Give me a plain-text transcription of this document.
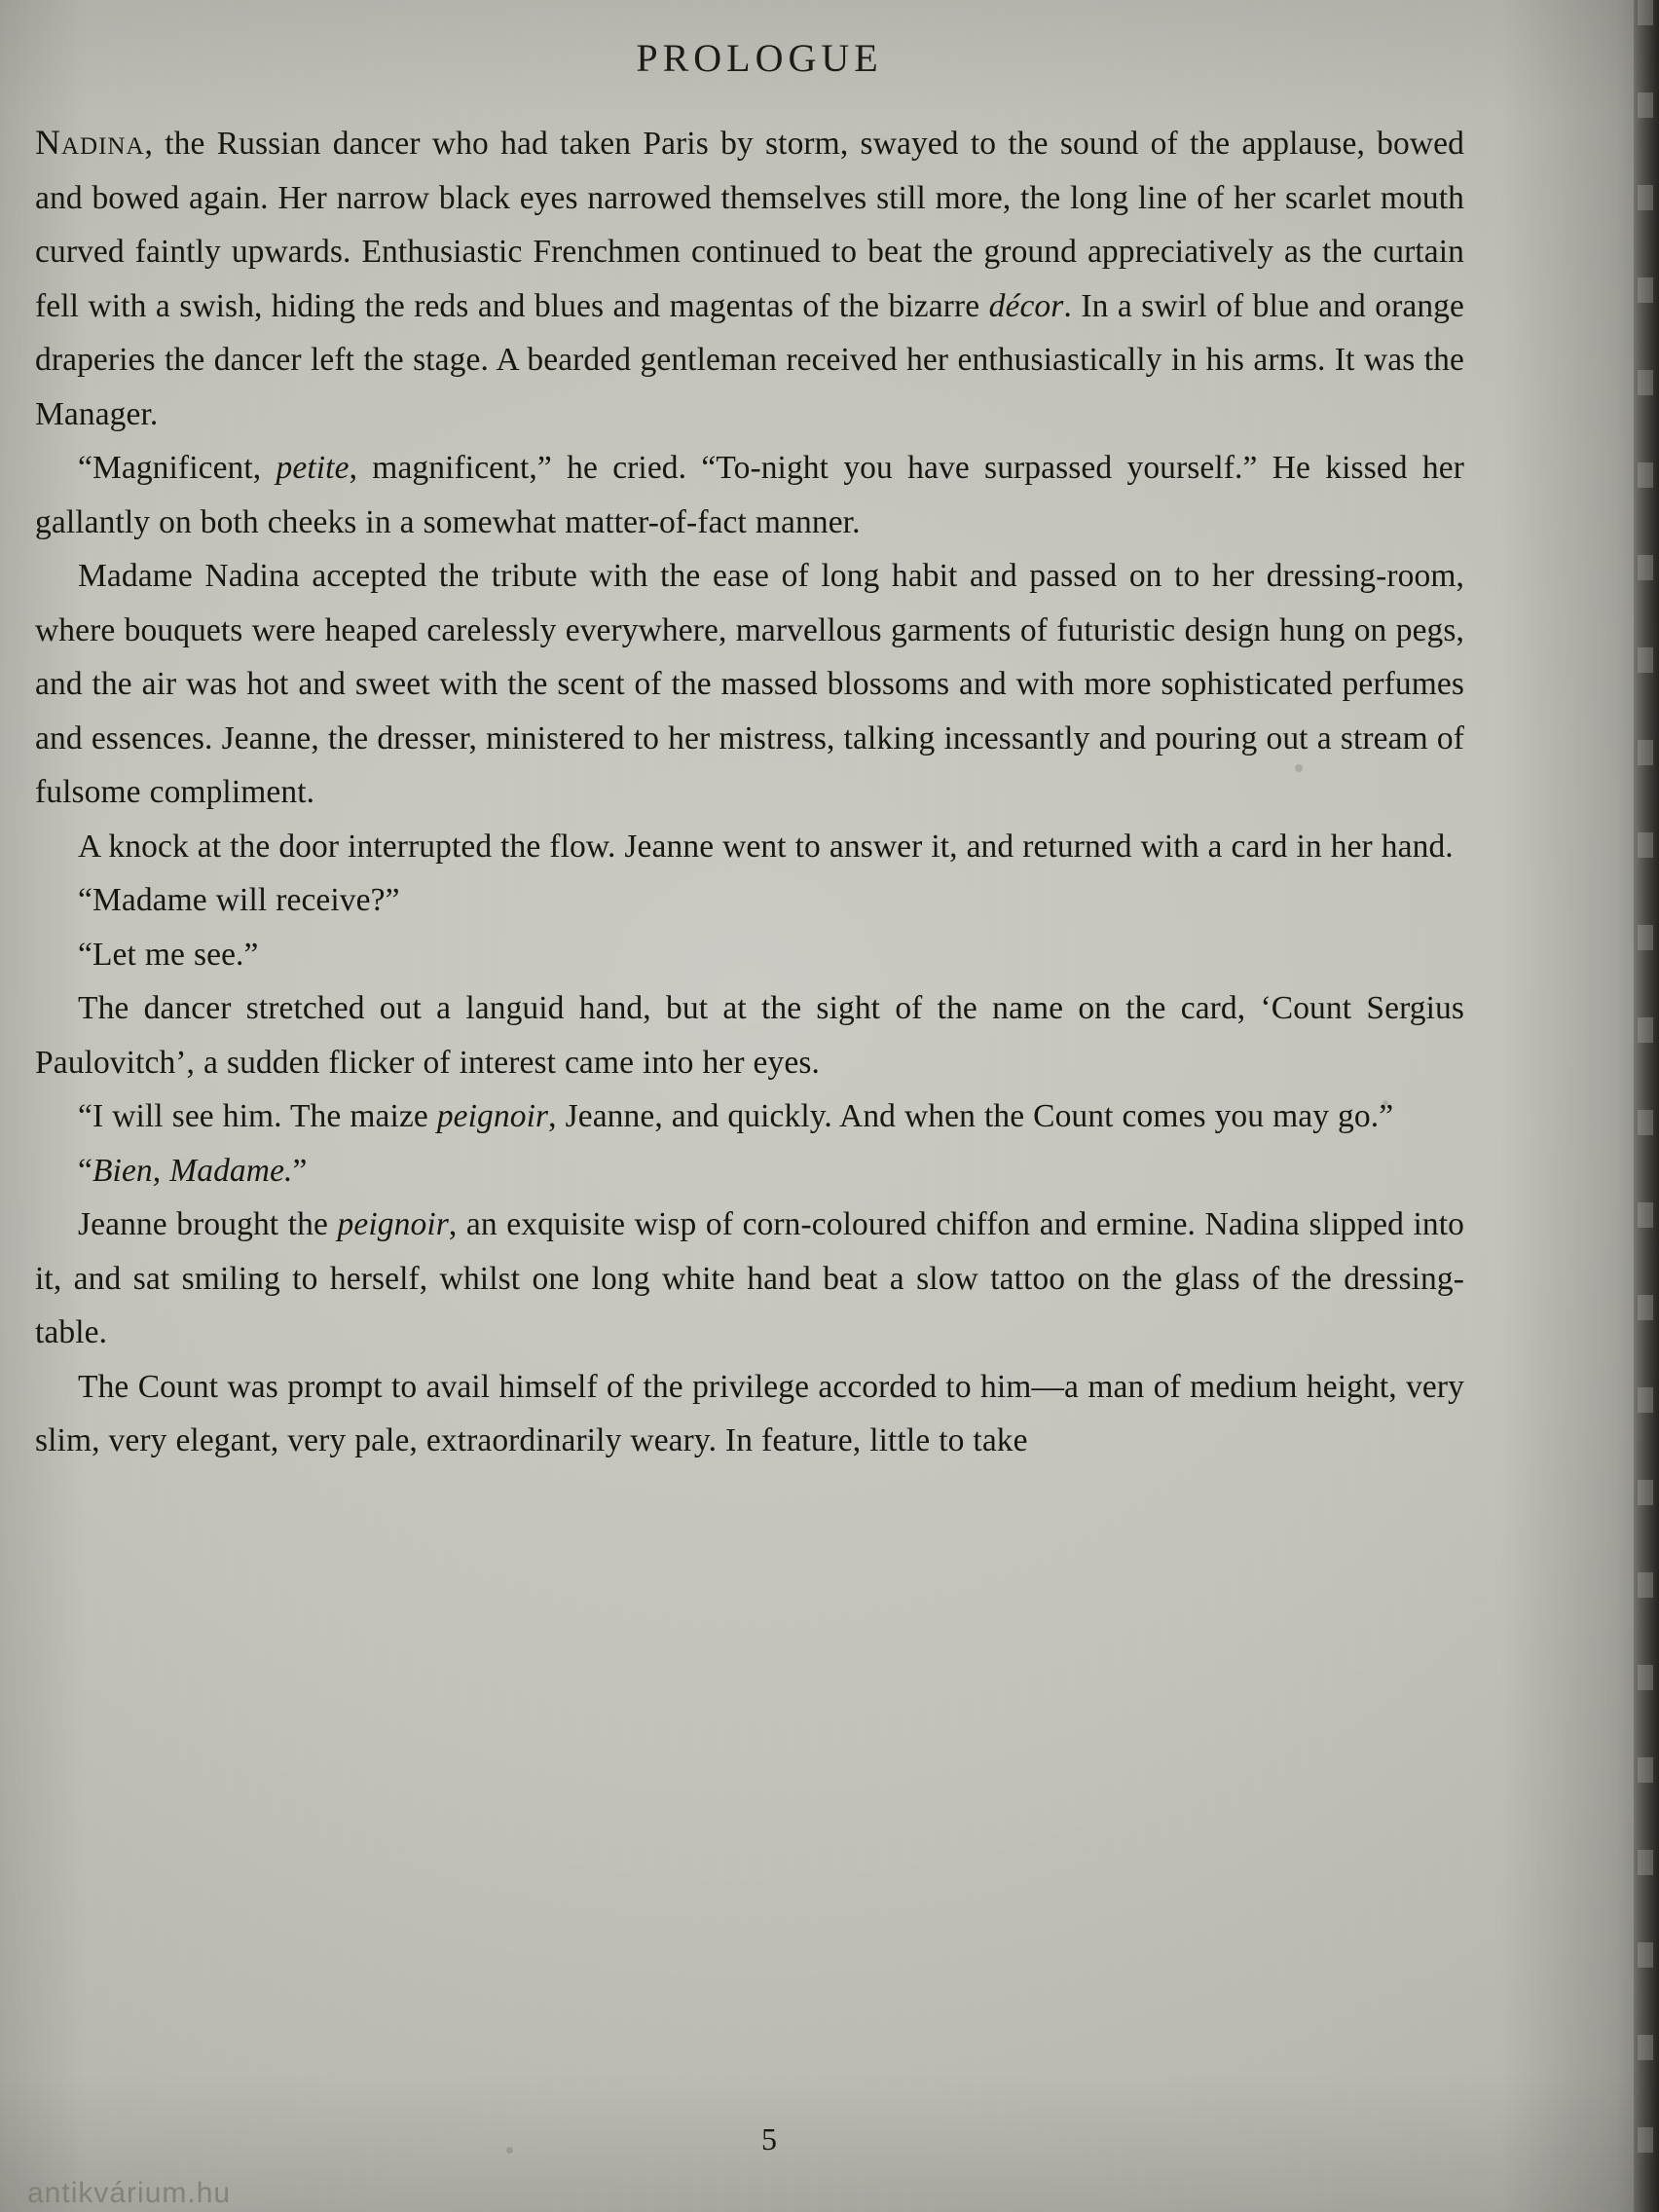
PROLOGUE

Nadina, the Russian dancer who had taken Paris by storm, swayed to the sound of the applause, bowed and bowed again. Her narrow black eyes narrowed themselves still more, the long line of her scarlet mouth curved faintly upwards. Enthusiastic Frenchmen continued to beat the ground appreciatively as the curtain fell with a swish, hiding the reds and blues and magentas of the bizarre décor. In a swirl of blue and orange draperies the dancer left the stage. A bearded gentleman received her enthusiastically in his arms. It was the Manager.

“Magnificent, petite, magnificent,” he cried. “To-night you have surpassed yourself.” He kissed her gallantly on both cheeks in a somewhat matter-of-fact manner.

Madame Nadina accepted the tribute with the ease of long habit and passed on to her dressing-room, where bouquets were heaped carelessly everywhere, marvellous garments of futuristic design hung on pegs, and the air was hot and sweet with the scent of the massed blossoms and with more sophisticated perfumes and essences. Jeanne, the dresser, ministered to her mistress, talking incessantly and pouring out a stream of fulsome compliment.

A knock at the door interrupted the flow. Jeanne went to answer it, and returned with a card in her hand.

“Madame will receive?”

“Let me see.”

The dancer stretched out a languid hand, but at the sight of the name on the card, ‘Count Sergius Paulovitch’, a sudden flicker of interest came into her eyes.

“I will see him. The maize peignoir, Jeanne, and quickly. And when the Count comes you may go.”

“Bien, Madame.”

Jeanne brought the peignoir, an exquisite wisp of corn-coloured chiffon and ermine. Nadina slipped into it, and sat smiling to herself, whilst one long white hand beat a slow tattoo on the glass of the dressing-table.

The Count was prompt to avail himself of the privilege accorded to him—a man of medium height, very slim, very elegant, very pale, extraordinarily weary. In feature, little to take

5
antikvárium.hu
